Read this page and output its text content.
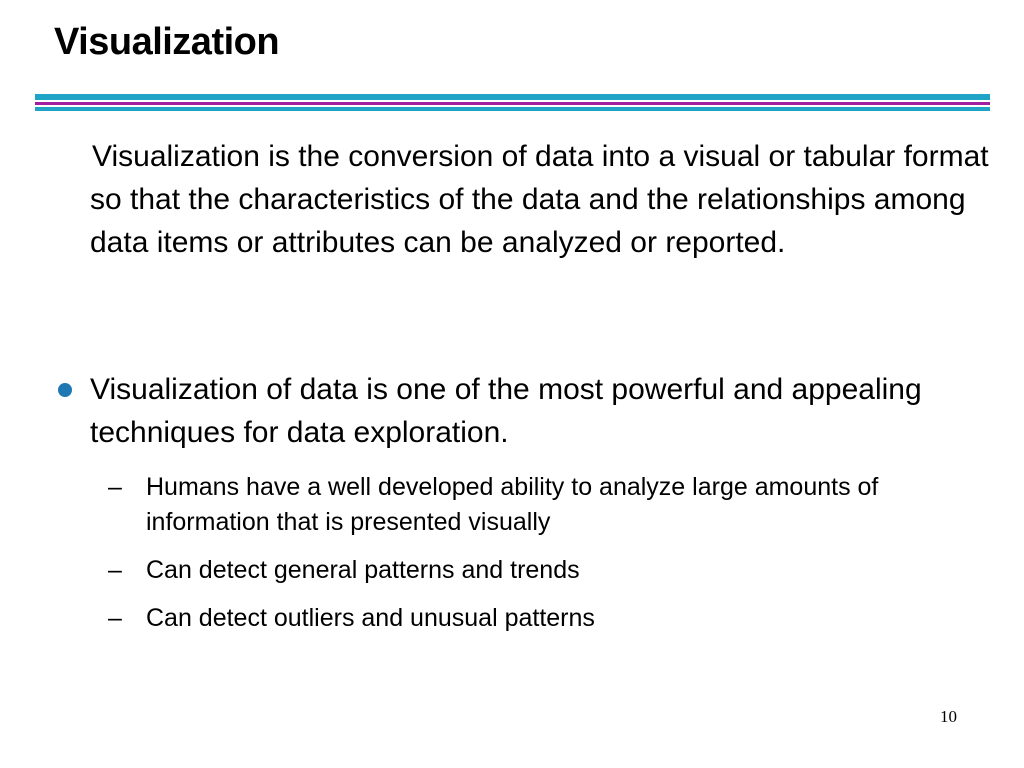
Visualization

Visualization is the conversion of data into a visual or tabular format so that the characteristics of the data and the relationships among data items or attributes can be analyzed or reported.

Visualization of data is one of the most powerful and appealing techniques for data exploration.

– Humans have a well developed ability to analyze large amounts of information that is presented visually

– Can detect general patterns and trends

– Can detect outliers and unusual patterns

10
